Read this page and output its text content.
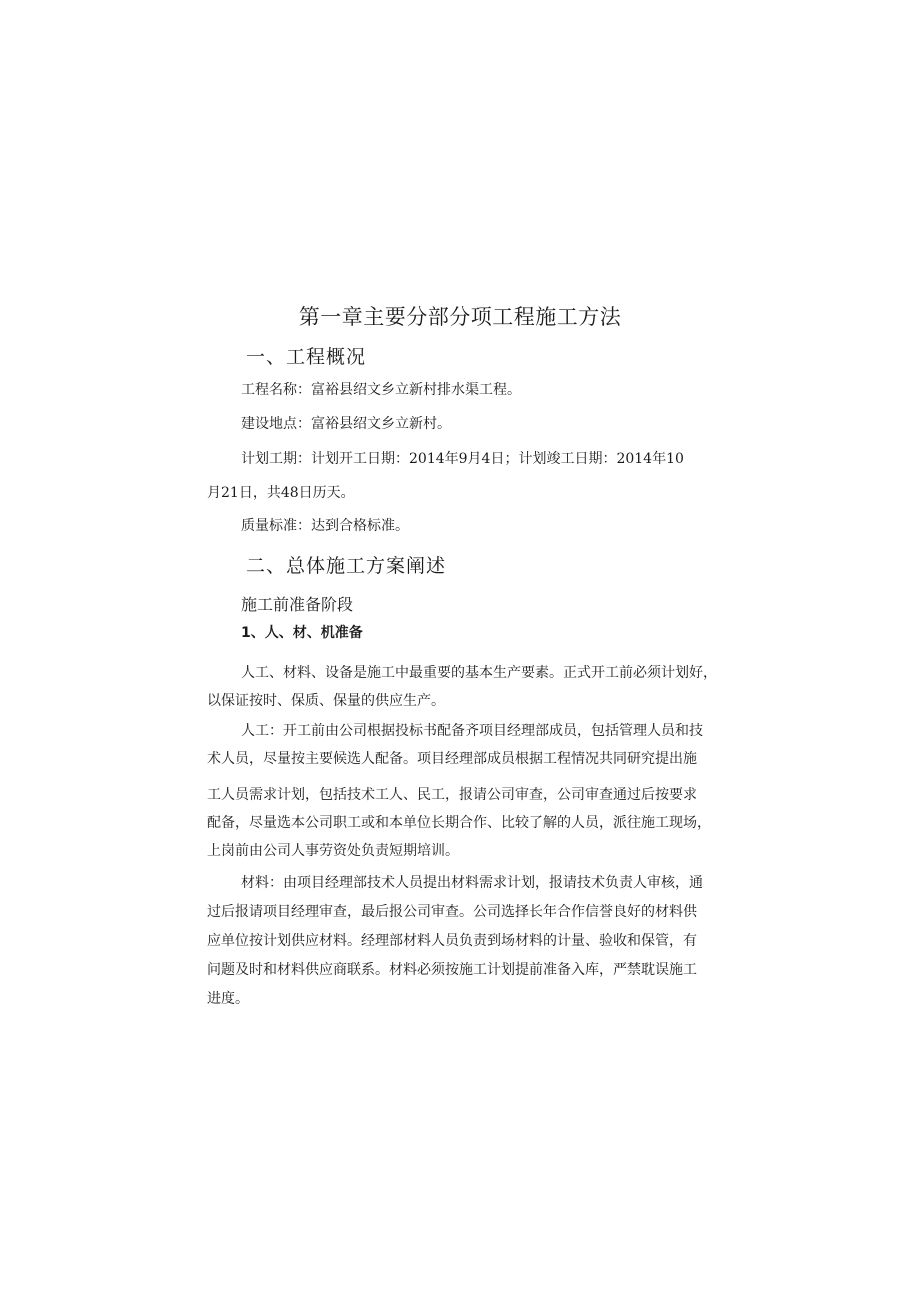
第一章主要分部分项工程施工方法
一、工程概况
工程名称：富裕县绍文乡立新村排水渠工程。
建设地点：富裕县绍文乡立新村。
计划工期：计划开工日期：2014年9月4日；计划竣工日期：2014年10
月21日，共48日历天。
质量标准：达到合格标准。
二、总体施工方案阐述
施工前准备阶段
1、人、材、机准备
人工、材料、设备是施工中最重要的基本生产要素。正式开工前必须计划好，
以保证按时、保质、保量的供应生产。
人工：开工前由公司根据投标书配备齐项目经理部成员，包括管理人员和技
术人员，尽量按主要候选人配备。项目经理部成员根据工程情况共同研究提出施
工人员需求计划，包括技术工人、民工，报请公司审查，公司审查通过后按要求
配备，尽量选本公司职工或和本单位长期合作、比较了解的人员，派往施工现场，
上岗前由公司人事劳资处负责短期培训。
材料：由项目经理部技术人员提出材料需求计划，报请技术负责人审核，通
过后报请项目经理审查，最后报公司审查。公司选择长年合作信誉良好的材料供
应单位按计划供应材料。经理部材料人员负责到场材料的计量、验收和保管，有
问题及时和材料供应商联系。材料必须按施工计划提前准备入库，严禁耽误施工
进度。
